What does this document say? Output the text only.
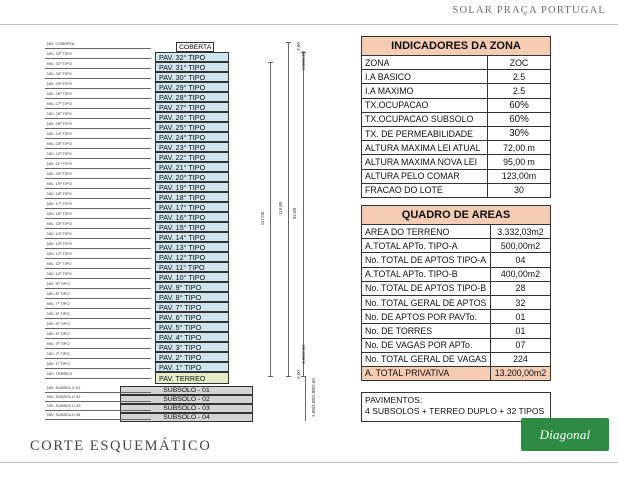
SOLAR PRAÇA PORTUGAL
COBERTA
PAV. 32° TIPO
PAV. 31° TIPO
PAV. 30° TIPO
PAV. 29° TIPO
PAV. 28° TIPO
PAV. 27° TIPO
PAV. 26° TIPO
PAV. 25° TIPO
PAV. 24° TIPO
PAV. 23° TIPO
PAV. 22° TIPO
PAV. 21° TIPO
PAV. 20° TIPO
PAV. 19° TIPO
PAV. 18° TIPO
PAV. 17° TIPO
PAV. 16° TIPO
PAV. 15° TIPO
PAV. 14° TIPO
PAV. 13° TIPO
PAV. 12° TIPO
PAV. 11° TIPO
PAV. 10° TIPO
PAV. 9° TIPO
PAV. 8° TIPO
PAV. 7° TIPO
PAV. 6° TIPO
PAV. 5° TIPO
PAV. 4° TIPO
PAV. 3° TIPO
PAV. 2° TIPO
PAV. 1° TIPO
PAV. TERREO
SUBSOLO - 01
SUBSOLO - 02
SUBSOLO - 03
SUBSOLO - 04
NÍV. COBERTA
NÍV. 32º TIPO
NÍV. 31º TIPO
NÍV. 30º TIPO
NÍV. 29º TIPO
NÍV. 28º TIPO
NÍV. 27º TIPO
NÍV. 26º TIPO
NÍV. 25º TIPO
NÍV. 24º TIPO
NÍV. 23º TIPO
NÍV. 22º TIPO
NÍV. 21º TIPO
NÍV. 20º TIPO
NÍV. 19º TIPO
NÍV. 18º TIPO
NÍV. 17º TIPO
NÍV. 16º TIPO
NÍV. 15º TIPO
NÍV. 14º TIPO
NÍV. 13º TIPO
NÍV. 12º TIPO
NÍV. 11º TIPO
NÍV. 10º TIPO
NÍV. 9º TIPO
NÍV. 8º TIPO
NÍV. 7º TIPO
NÍV. 6º TIPO
NÍV. 5º TIPO
NÍV. 4º TIPO
NÍV. 3º TIPO
NÍV. 2º TIPO
NÍV. 1º TIPO
NÍV. TÉRREO
NÍV. SUBSOLO 01
NÍV. SUBSOLO 02
NÍV. SUBSOLO 03
NÍV. SUBSOLO 04
117,00
119,80 92,80
3,00
3,00/3,00
3,00/3,00
6,00
2,88/2,88/2,88/2,60
INDICADORES DA ZONA	
ZONA	ZOC
I.A BASICO	2.5
I.A MAXIMO	2.5
TX.OCUPACAO	60%
TX.OCUPACAO SUBSOLO	60%
TX. DE PERMEABILIDADE	30%
ALTURA MAXIMA LEI ATUAL	72,00 m
ALTURA MAXIMA NOVA LEI	95,00 m
ALTURA PELO COMAR	123,00m
FRACAO DO LOTE	30
QUADRO DE AREAS	
AREA DO TERRENO	3.332,03m2
A.TOTAL APTo. TIPO-A	500,00m2
No. TOTAL DE APTOS TIPO-A	04
A.TOTAL APTo. TIPO-B	400,00m2
No. TOTAL DE APTOS TIPO-B	28
No. TOTAL GERAL DE APTOS	32
No. DE APTOS POR PAVTo.	01
No. DE TORRES	01
No. DE VAGAS POR APTo.	07
No. TOTAL GERAL DE VAGAS	224
A. TOTAL PRIVATIVA	13.200,00m2
PAVIMENTOS:
4 SUBSOLOS + TERREO DUPLO + 32 TIPOS
CORTE ESQUEMÁTICO
Diagonal
